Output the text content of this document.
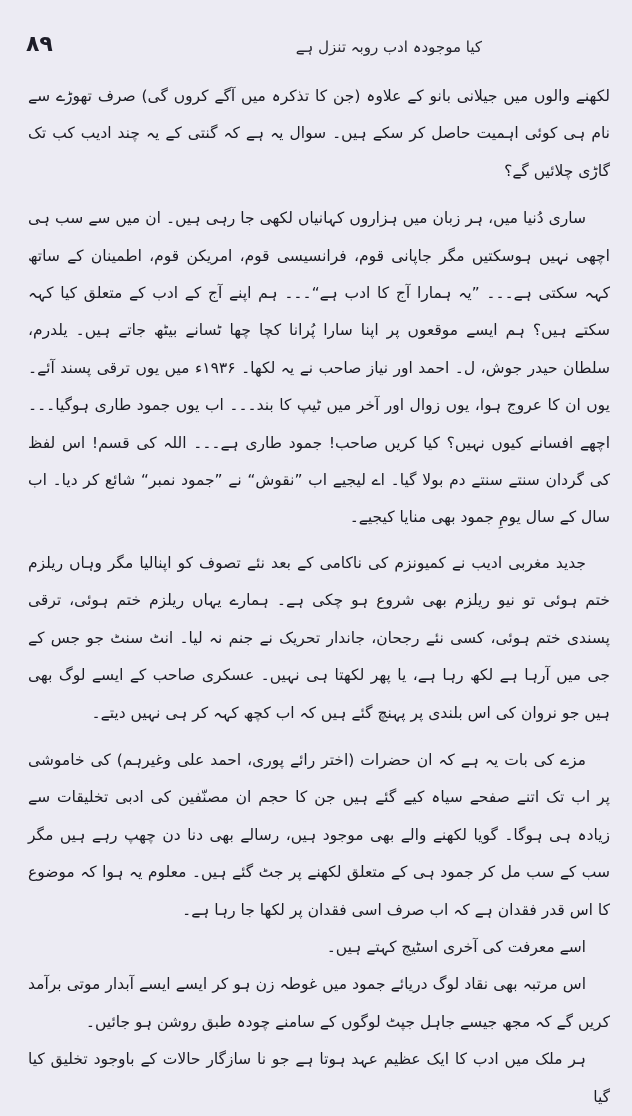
۸۹	کیا موجودہ ادب روبہ تنزل ہے

لکھنے والوں میں جیلانی بانو کے علاوہ (جن کا تذکرہ میں آگے کروں گی) صرف تھوڑے سے نام ہی کوئی اہمیت حاصل کر سکے ہیں۔ سوال یہ ہے کہ گنتی کے یہ چند ادیب کب تک گاڑی چلائیں گے؟

ساری دُنیا میں، ہر زبان میں ہزاروں کہانیاں لکھی جا رہی ہیں۔ ان میں سے سب ہی اچھی نہیں ہوسکتیں مگر جاپانی قوم، فرانسیسی قوم، امریکن قوم، اطمینان کے ساتھ کہہ سکتی ہے۔۔۔ ”یہ ہمارا آج کا ادب ہے“۔۔۔ ہم اپنے آج کے ادب کے متعلق کیا کہہ سکتے ہیں؟ ہم ایسے موقعوں پر اپنا سارا پُرانا کچا چھا ٹسانے بیٹھ جاتے ہیں۔ یلدرم، سلطان حیدر جوش، ل۔ احمد اور نیاز صاحب نے یہ لکھا۔ ۱۹۳۶ء میں یوں ترقی پسند آئے۔ یوں ان کا عروج ہوا، یوں زوال اور آخر میں ٹیپ کا بند۔۔۔ اب یوں جمود طاری ہوگیا۔۔۔ اچھے افسانے کیوں نہیں؟ کیا کریں صاحب! جمود طاری ہے۔۔۔ اللہ کی قسم! اس لفظ کی گردان سنتے سنتے دم بولا گیا۔ اے لیجیے اب ”نقوش“ نے ”جمود نمبر“ شائع کر دیا۔ اب سال کے سال یومِ جمود بھی منایا کیجیے۔

جدید مغربی ادیب نے کمیونزم کی ناکامی کے بعد نئے تصوف کو اپنالیا مگر وہاں ریلزم ختم ہوئی تو نیو ریلزم بھی شروع ہو چکی ہے۔ ہمارے یہاں ریلزم ختم ہوئی، ترقی پسندی ختم ہوئی، کسی نئے رجحان، جاندار تحریک نے جنم نہ لیا۔ انٹ سنٹ جو جس کے جی میں آرہا ہے لکھ رہا ہے، یا پھر لکھتا ہی نہیں۔ عسکری صاحب کے ایسے لوگ بھی ہیں جو نروان کی اس بلندی پر پہنچ گئے ہیں کہ اب کچھ کہہ کر ہی نہیں دیتے۔

مزے کی بات یہ ہے کہ ان حضرات (اختر رائے پوری، احمد علی وغیرہم) کی خاموشی پر اب تک اتنے صفحے سیاہ کیے گئے ہیں جن کا حجم ان مصنّفین کی ادبی تخلیقات سے زیادہ ہی ہوگا۔ گویا لکھنے والے بھی موجود ہیں، رسالے بھی دنا دن چھپ رہے ہیں مگر سب کے سب مل کر جمود ہی کے متعلق لکھنے پر جٹ گئے ہیں۔ معلوم یہ ہوا کہ موضوع کا اس قدر فقدان ہے کہ اب صرف اسی فقدان پر لکھا جا رہا ہے۔

اسے معرفت کی آخری اسٹیج کہتے ہیں۔

اس مرتبہ بھی نقاد لوگ دریائے جمود میں غوطہ زن ہو کر ایسے ایسے آبدار موتی برآمد کریں گے کہ مجھ جیسے جاہل جپٹ لوگوں کے سامنے چودہ طبق روشن ہو جائیں۔

ہر ملک میں ادب کا ایک عظیم عہد ہوتا ہے جو نا سازگار حالات کے باوجود تخلیق کیا گیا
